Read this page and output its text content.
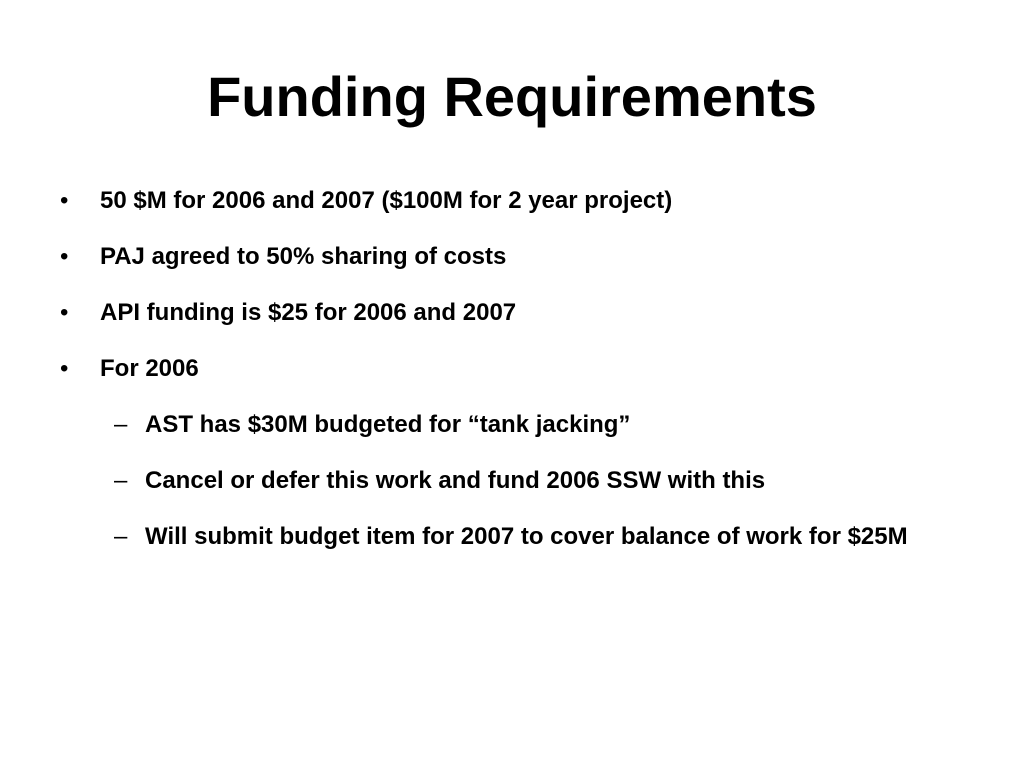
Funding Requirements
• 50 $M for 2006 and 2007 ($100M for 2 year project)
• PAJ agreed to 50% sharing of costs
• API funding is $25 for 2006 and 2007
• For 2006
– AST has $30M budgeted for “tank jacking”
– Cancel or defer this work and fund 2006 SSW with this
– Will submit budget item for 2007 to cover balance of work for $25M
